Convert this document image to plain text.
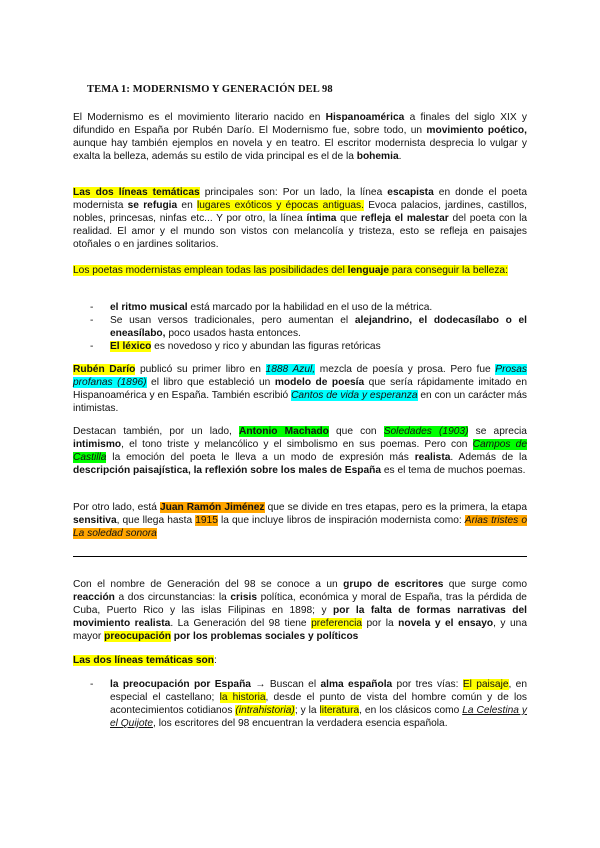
TEMA 1: MODERNISMO Y GENERACIÓN DEL 98

El Modernismo es el movimiento literario nacido en Hispanoamérica a finales del siglo XIX y difundido en España por Rubén Darío. El Modernismo fue, sobre todo, un movimiento poético, aunque hay también ejemplos en novela y en teatro. El escritor modernista desprecia lo vulgar y exalta la belleza, además su estilo de vida principal es el de la bohemia.

Las dos líneas temáticas principales son: Por un lado, la línea escapista en donde el poeta modernista se refugia en lugares exóticos y épocas antiguas. Evoca palacios, jardines, castillos, nobles, princesas, ninfas etc... Y por otro, la línea íntima que refleja el malestar del poeta con la realidad. El amor y el mundo son vistos con melancolía y tristeza, esto se refleja en paisajes otoñales o en jardines solitarios.

Los poetas modernistas emplean todas las posibilidades del lenguaje para conseguir la belleza:

- el ritmo musical está marcado por la habilidad en el uso de la métrica.
- Se usan versos tradicionales, pero aumentan el alejandrino, el dodecasílabo o el eneasílabo, poco usados hasta entonces.
- El léxico es novedoso y rico y abundan las figuras retóricas

Rubén Darío publicó su primer libro en 1888 Azul, mezcla de poesía y prosa. Pero fue Prosas profanas (1896) el libro que estableció un modelo de poesía que sería rápidamente imitado en Hispanoamérica y en España. También escribió Cantos de vida y esperanza en con un carácter más intimistas.

Destacan también, por un lado, Antonio Machado que con Soledades (1903) se aprecia intimismo, el tono triste y melancólico y el simbolismo en sus poemas. Pero con Campos de Castilla la emoción del poeta le lleva a un modo de expresión más realista. Además de la descripción paisajística, la reflexión sobre los males de España es el tema de muchos poemas.

Por otro lado, está Juan Ramón Jiménez que se divide en tres etapas, pero es la primera, la etapa sensitiva, que llega hasta 1915 la que incluye libros de inspiración modernista como: Arias tristes o La soledad sonora

Con el nombre de Generación del 98 se conoce a un grupo de escritores que surge como reacción a dos circunstancias: la crisis política, económica y moral de España, tras la pérdida de Cuba, Puerto Rico y las islas Filipinas en 1898; y por la falta de formas narrativas del movimiento realista. La Generación del 98 tiene preferencia por la novela y el ensayo, y una mayor preocupación por los problemas sociales y políticos

Las dos líneas temáticas son:

- la preocupación por España → Buscan el alma española por tres vías: El paisaje, en especial el castellano; la historia, desde el punto de vista del hombre común y de los acontecimientos cotidianos (intrahistoria); y la literatura, en los clásicos como La Celestina y el Quijote, los escritores del 98 encuentran la verdadera esencia española.
